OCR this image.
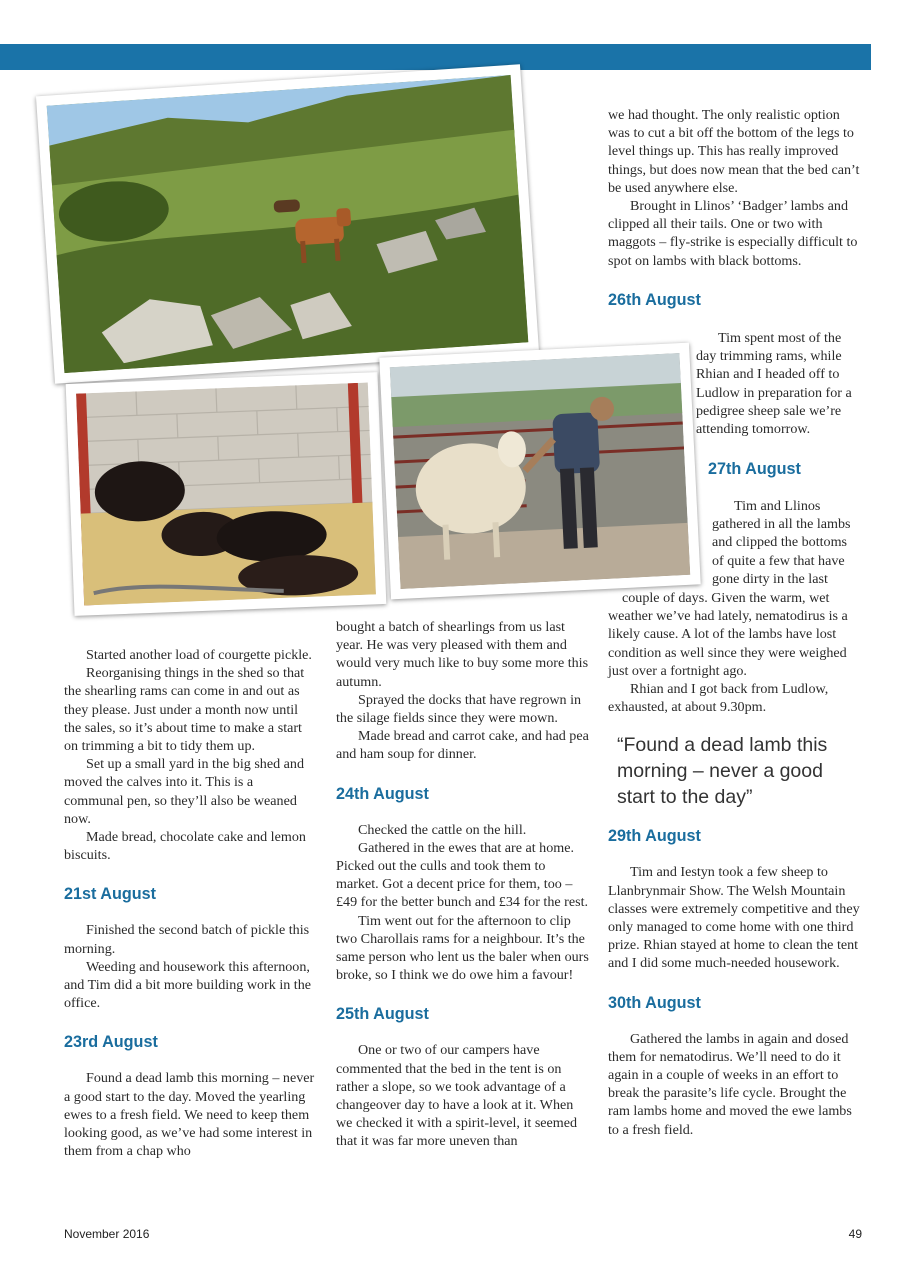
Started another load of courgette pickle.

Reorganising things in the shed so that the shearling rams can come in and out as they please. Just under a month now until the sales, so it’s about time to make a start on trimming a bit to tidy them up.

Set up a small yard in the big shed and moved the calves into it. This is a communal pen, so they’ll also be weaned now.

Made bread, chocolate cake and lemon biscuits.

21st August

Finished the second batch of pickle this morning.

Weeding and housework this afternoon, and Tim did a bit more building work in the office.

23rd August

Found a dead lamb this morning – never a good start to the day. Moved the yearling ewes to a fresh field. We need to keep them looking good, as we’ve had some interest in them from a chap who

bought a batch of shearlings from us last year. He was very pleased with them and would very much like to buy some more this autumn.

Sprayed the docks that have regrown in the silage fields since they were mown.

Made bread and carrot cake, and had pea and ham soup for dinner.

24th August

Checked the cattle on the hill.

Gathered in the ewes that are at home. Picked out the culls and took them to market. Got a decent price for them, too – £49 for the better bunch and £34 for the rest.

Tim went out for the afternoon to clip two Charollais rams for a neighbour. It’s the same person who lent us the baler when ours broke, so I think we do owe him a favour!

25th August

One or two of our campers have commented that the bed in the tent is on rather a slope, so we took advantage of a changeover day to have a look at it. When we checked it with a spirit-level, it seemed that it was far more uneven than

we had thought. The only realistic option was to cut a bit off the bottom of the legs to level things up. This has really improved things, but does now mean that the bed can’t be used anywhere else.

Brought in Llinos’ ‘Badger’ lambs and clipped all their tails. One or two with maggots – fly-strike is especially difficult to spot on lambs with black bottoms.

26th August

Tim spent most of the day trimming rams, while Rhian and I headed off to Ludlow in preparation for a pedigree sheep sale we’re attending tomorrow.

27th August
Tim and Llinos gathered in all the lambs and clipped the bottoms of quite a few that have gone dirty in the last

Rhian and I got back from Ludlow, exhausted, at about 9.30pm.

“Found a dead lamb this morning – never a good start to the day”
29th August

Tim and Iestyn took a few sheep to Llanbrynmair Show. The Welsh Mountain classes were extremely competitive and they only managed to come home with one third prize. Rhian stayed at home to clean the tent and I did some much-needed housework.

30th August

Gathered the lambs in again and dosed them for nematodirus. We’ll need to do it again in a couple of weeks in an effort to break the parasite’s life cycle. Brought the ram lambs home and moved the ewe lambs to a fresh field.

November 2016	49

couple of days. Given the warm, wet weather we’ve had lately, nematodirus is a likely cause. A lot of the lambs have lost condition as well since they were weighed just over a fortnight ago.
